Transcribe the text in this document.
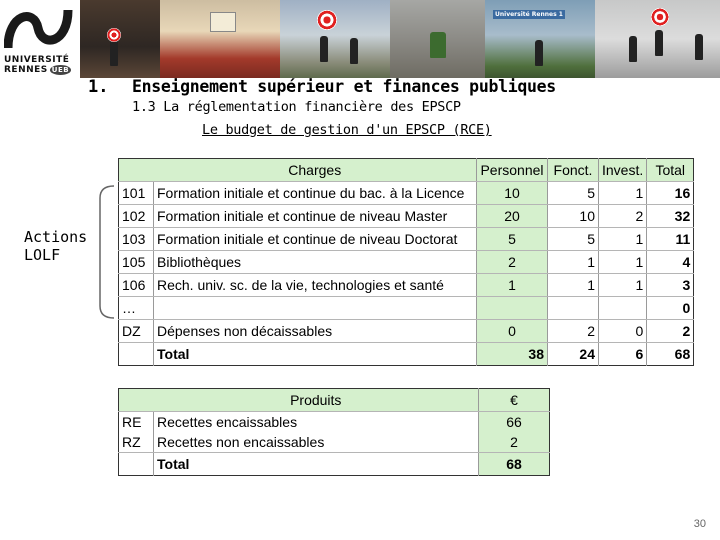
UNIVERSITÉ
RENNES UEB
Université Rennes 1
1. Enseignement supérieur et finances publiques
1.3 La réglementation financière des EPSCP
Le budget de gestion d'un EPSCP (RCE)
Actions
LOLF
	Charges	Personnel	Fonct.	Invest.	Total
101	Formation initiale et continue du bac. à la Licence	10	5	1	16
102	Formation initiale et continue de niveau Master	20	10	2	32
103	Formation initiale et continue de niveau Doctorat	5	5	1	11
105	Bibliothèques	2	1	1	4
106	Rech. univ. sc. de la vie, technologies et santé	1	1	1	3
…					0
DZ	Dépenses non décaissables	0	2	0	2
	Total	38	24	6	68
	Produits	€
RE	Recettes encaissables	66
RZ	Recettes non encaissables	2
	Total	68
30
